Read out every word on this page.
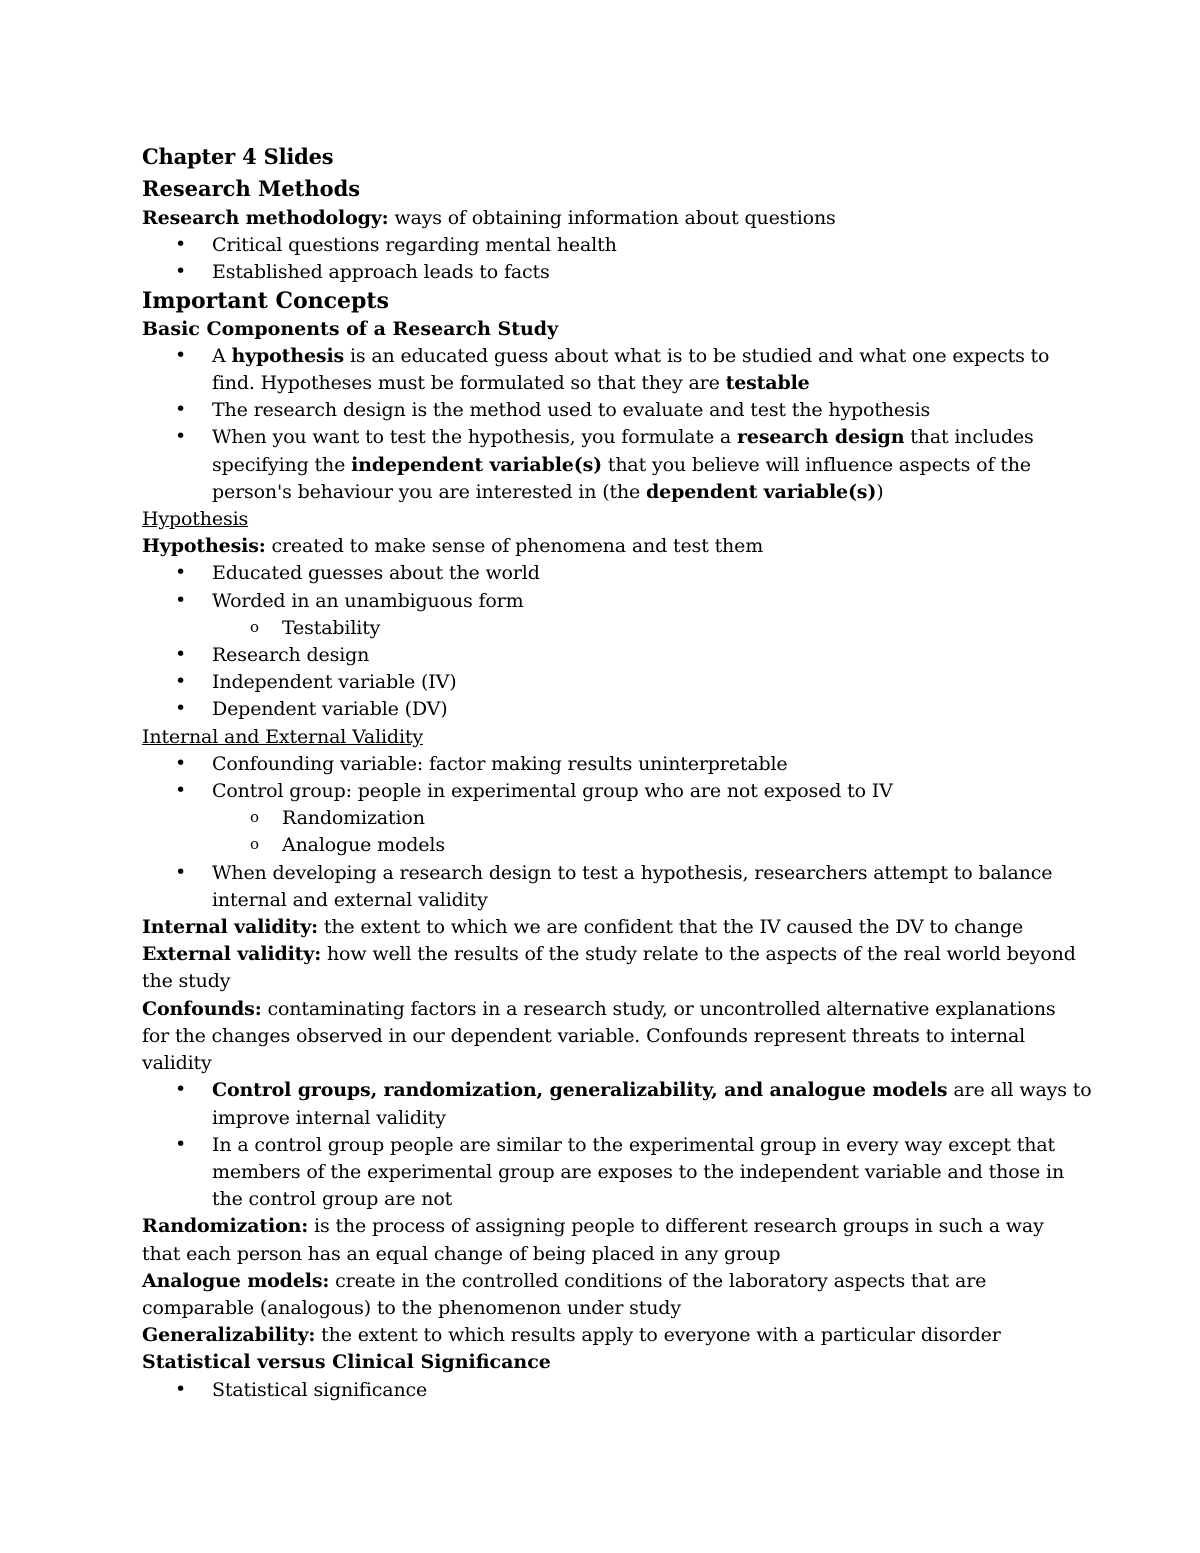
Chapter 4 Slides
Research Methods
Research methodology: ways of obtaining information about questions
• Critical questions regarding mental health
• Established approach leads to facts
Important Concepts
Basic Components of a Research Study
• A hypothesis is an educated guess about what is to be studied and what one expects to
find. Hypotheses must be formulated so that they are testable
• The research design is the method used to evaluate and test the hypothesis
• When you want to test the hypothesis, you formulate a research design that includes
specifying the independent variable(s) that you believe will influence aspects of the
person's behaviour you are interested in (the dependent variable(s))
Hypothesis
Hypothesis: created to make sense of phenomena and test them
• Educated guesses about the world
• Worded in an unambiguous form
o Testability
• Research design
• Independent variable (IV)
• Dependent variable (DV)
Internal and External Validity
• Confounding variable: factor making results uninterpretable
• Control group: people in experimental group who are not exposed to IV
o Randomization
o Analogue models
• When developing a research design to test a hypothesis, researchers attempt to balance
internal and external validity
Internal validity: the extent to which we are confident that the IV caused the DV to change
External validity: how well the results of the study relate to the aspects of the real world beyond
the study
Confounds: contaminating factors in a research study, or uncontrolled alternative explanations
for the changes observed in our dependent variable. Confounds represent threats to internal
validity
• Control groups, randomization, generalizability, and analogue models are all ways to
improve internal validity
• In a control group people are similar to the experimental group in every way except that
members of the experimental group are exposes to the independent variable and those in
the control group are not
Randomization: is the process of assigning people to different research groups in such a way
that each person has an equal change of being placed in any group
Analogue models: create in the controlled conditions of the laboratory aspects that are
comparable (analogous) to the phenomenon under study
Generalizability: the extent to which results apply to everyone with a particular disorder
Statistical versus Clinical Significance
• Statistical significance
